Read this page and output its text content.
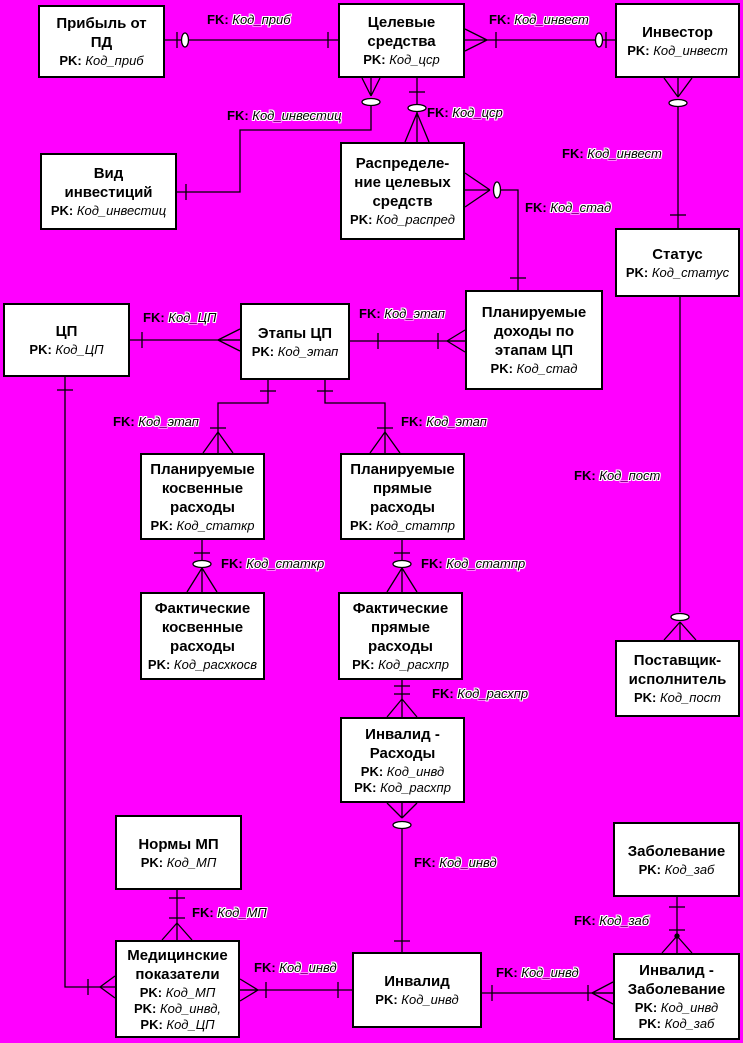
Прибыль от
ПД
PK: Код_приб
Целевые
средства
PK: Код_цср
Инвестор
PK: Код_инвест
Вид
инвестиций
PK: Код_инвестиц
Распределе-
ние целевых
средств
PK: Код_распред
Статус
PK: Код_статус
ЦП
PK: Код_ЦП
Этапы ЦП
PK: Код_этап
Планируемые
доходы по
этапам ЦП
PK: Код_стад
Планируемые
косвенные
расходы
PK: Код_статкр
Планируемые
прямые
расходы
PK: Код_статпр
Фактические
косвенные
расходы
PK: Код_расхкосв
Фактические
прямые
расходы
PK: Код_расхпр
Инвалид -
Расходы
PK: Код_инвд
PK: Код_расхпр
Поставщик-
исполнитель
PK: Код_пост
Нормы МП
PK: Код_МП
Заболевание
PK: Код_заб
Медицинские
показатели
PK: Код_МП
PK: Код_инвд,
PK: Код_ЦП
Инвалид
PK: Код_инвд
Инвалид -
Заболевание
PK: Код_инвд
PK: Код_заб
FK: Код_приб	FK: Код_инвест
FK: Код_инвестиц	FK: Код_цср
FK: Код_инвест
FK: Код_стад
FK: Код_ЦП	FK: Код_этап
FK: Код_этап	FK: Код_этап
FK: Код_статкр	FK: Код_статпр
FK: Код_пост
FK: Код_расхпр
FK: Код_инвд
FK: Код_МП
FK: Код_заб
FK: Код_инвд	FK: Код_инвд
